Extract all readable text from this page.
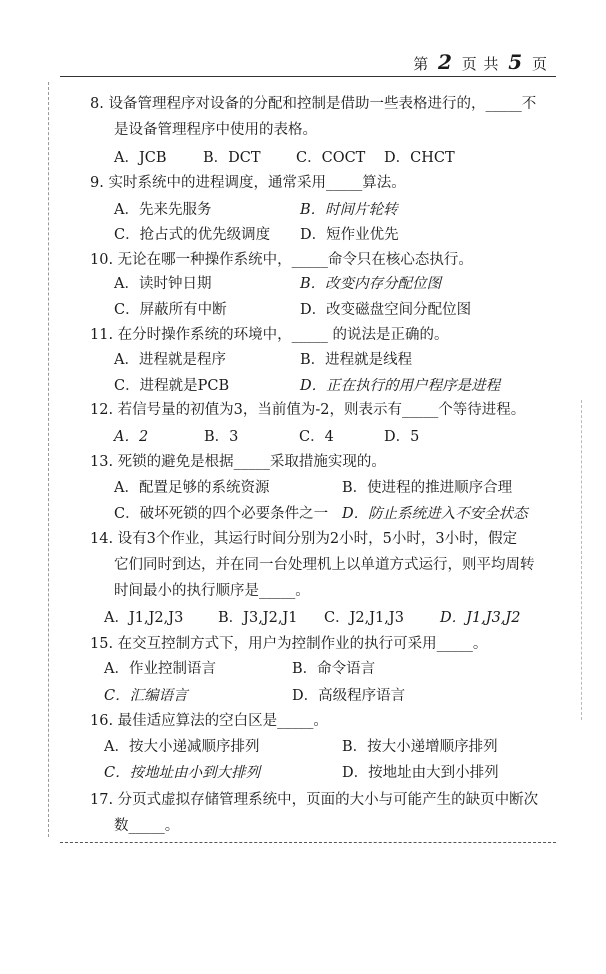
第 2 页 共 5 页
8. 设备管理程序对设备的分配和控制是借助一些表格进行的，_____不
是设备管理程序中使用的表格。
A．JCB	B．DCT C．COCT D．CHCT
9. 实时系统中的进程调度，通常采用_____算法。
A．先来先服务	B．时间片轮转
C．抢占式的优先级调度 D．短作业优先
10. 无论在哪一种操作系统中，_____命令只在核心态执行。
A．读时钟日期	B．改变内存分配位图
C．屏蔽所有中断	D．改变磁盘空间分配位图
11. 在分时操作系统的环境中，_____ 的说法是正确的。
A．进程就是程序	B．进程就是线程
C．进程就是PCB	D．正在执行的用户程序是进程
12. 若信号量的初值为3，当前值为-2，则表示有_____个等待进程。
A．2	B．3	C．4	D．5
13. 死锁的避免是根据_____采取措施实现的。
A．配置足够的系统资源	B．使进程的推进顺序合理
C．破坏死锁的四个必要条件之一 D．防止系统进入不安全状态
14. 设有3个作业，其运行时间分别为2小时，5小时，3小时，假定
它们同时到达，并在同一台处理机上以单道方式运行，则平均周转
时间最小的执行顺序是_____。
A．J1,J2,J3 B．J3,J2,J1 C．J2,J1,J3 D．J1,J3,J2
15. 在交互控制方式下，用户为控制作业的执行可采用_____。
A．作业控制语言	B．命令语言
C．汇编语言	D．高级程序语言
16. 最佳适应算法的空白区是_____。
A．按大小递减顺序排列	B．按大小递增顺序排列
C．按地址由小到大排列	D．按地址由大到小排列
17. 分页式虚拟存储管理系统中，页面的大小与可能产生的缺页中断次
数_____。
